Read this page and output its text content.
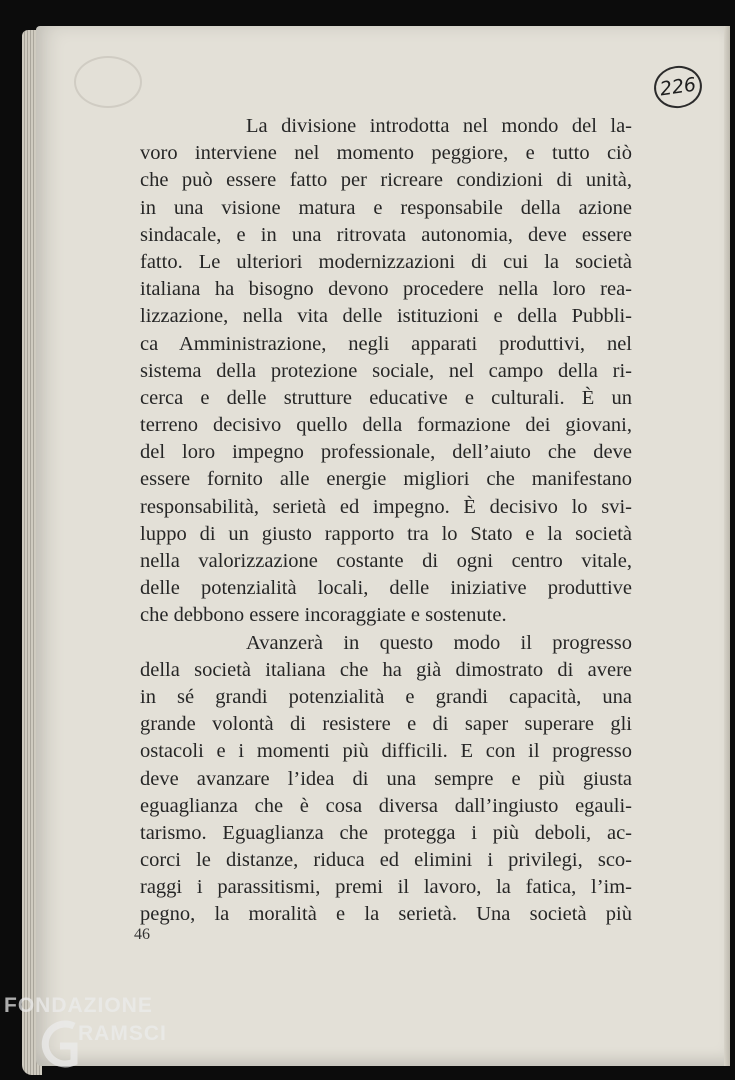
226
La divisione introdotta nel mondo del la-
voro interviene nel momento peggiore, e tutto ciò
che può essere fatto per ricreare condizioni di unità,
in una visione matura e responsabile della azione
sindacale, e in una ritrovata autonomia, deve essere
fatto. Le ulteriori modernizzazioni di cui la società
italiana ha bisogno devono procedere nella loro rea-
lizzazione, nella vita delle istituzioni e della Pubbli-
ca Amministrazione, negli apparati produttivi, nel
sistema della protezione sociale, nel campo della ri-
cerca e delle strutture educative e culturali. È un
terreno decisivo quello della formazione dei giovani,
del loro impegno professionale, dell’aiuto che deve
essere fornito alle energie migliori che manifestano
responsabilità, serietà ed impegno. È decisivo lo svi-
luppo di un giusto rapporto tra lo Stato e la società
nella valorizzazione costante di ogni centro vitale,
delle potenzialità locali, delle iniziative produttive
che debbono essere incoraggiate e sostenute.
Avanzerà in questo modo il progresso
della società italiana che ha già dimostrato di avere
in sé grandi potenzialità e grandi capacità, una
grande volontà di resistere e di saper superare gli
ostacoli e i momenti più difficili. E con il progresso
deve avanzare l’idea di una sempre e più giusta
eguaglianza che è cosa diversa dall’ingiusto egauli-
tarismo. Eguaglianza che protegga i più deboli, ac-
corci le distanze, riduca ed elimini i privilegi, sco-
raggi i parassitismi, premi il lavoro, la fatica, l’im-
pegno, la moralità e la serietà. Una società più
46
FONDAZIONE
RAMSCI
